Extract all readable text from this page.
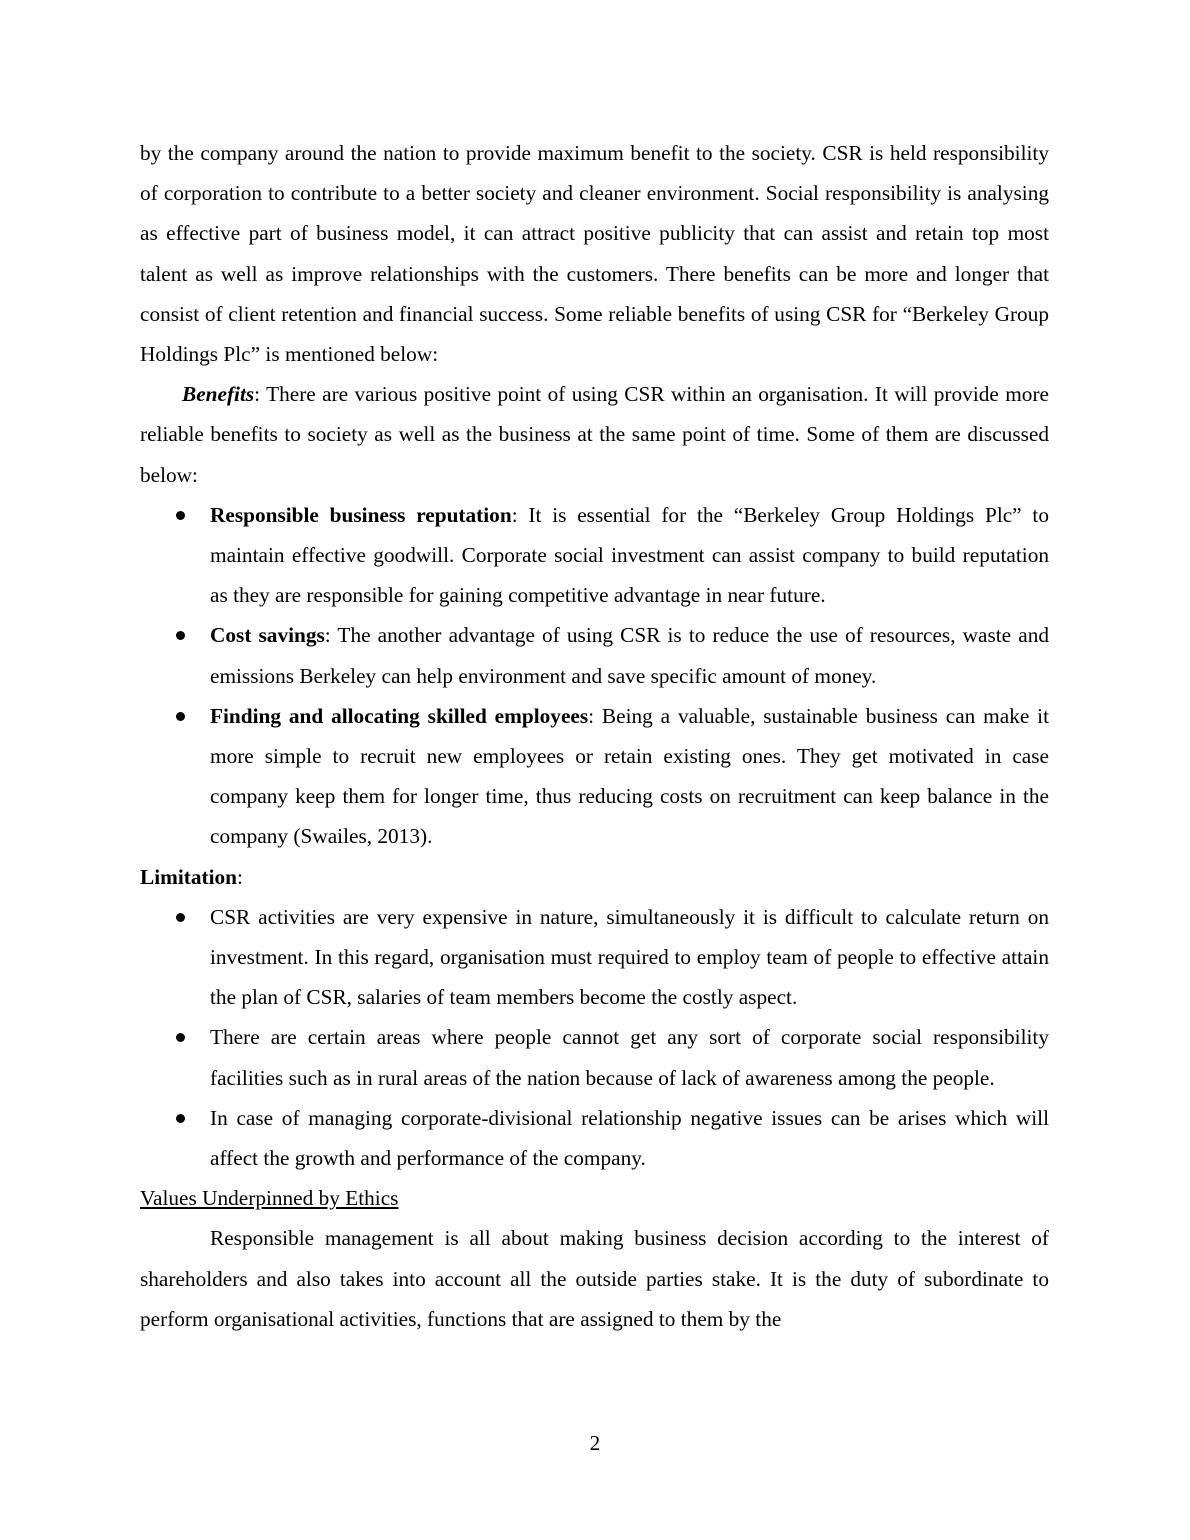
by the company around the nation to provide maximum benefit to the society. CSR is held responsibility of corporation to contribute to a better society and cleaner environment. Social responsibility is analysing as effective part of business model, it can attract positive publicity that can assist and retain top most talent as well as improve relationships with the customers. There benefits can be more and longer that consist of client retention and financial success. Some reliable benefits of using CSR for “Berkeley Group Holdings Plc” is mentioned below:

Benefits: There are various positive point of using CSR within an organisation. It will provide more reliable benefits to society as well as the business at the same point of time. Some of them are discussed below:

Responsible business reputation: It is essential for the “Berkeley Group Holdings Plc” to maintain effective goodwill. Corporate social investment can assist company to build reputation as they are responsible for gaining competitive advantage in near future.
Cost savings: The another advantage of using CSR is to reduce the use of resources, waste and emissions Berkeley can help environment and save specific amount of money.
Finding and allocating skilled employees: Being a valuable, sustainable business can make it more simple to recruit new employees or retain existing ones. They get motivated in case company keep them for longer time, thus reducing costs on recruitment can keep balance in the company (Swailes, 2013).

Limitation:

CSR activities are very expensive in nature, simultaneously it is difficult to calculate return on investment. In this regard, organisation must required to employ team of people to effective attain the plan of CSR, salaries of team members become the costly aspect.
There are certain areas where people cannot get any sort of corporate social responsibility facilities such as in rural areas of the nation because of lack of awareness among the people.
In case of managing corporate-divisional relationship negative issues can be arises which will affect the growth and performance of the company.

Values Underpinned by Ethics

Responsible management is all about making business decision according to the interest of shareholders and also takes into account all the outside parties stake. It is the duty of subordinate to perform organisational activities, functions that are assigned to them by the

2
